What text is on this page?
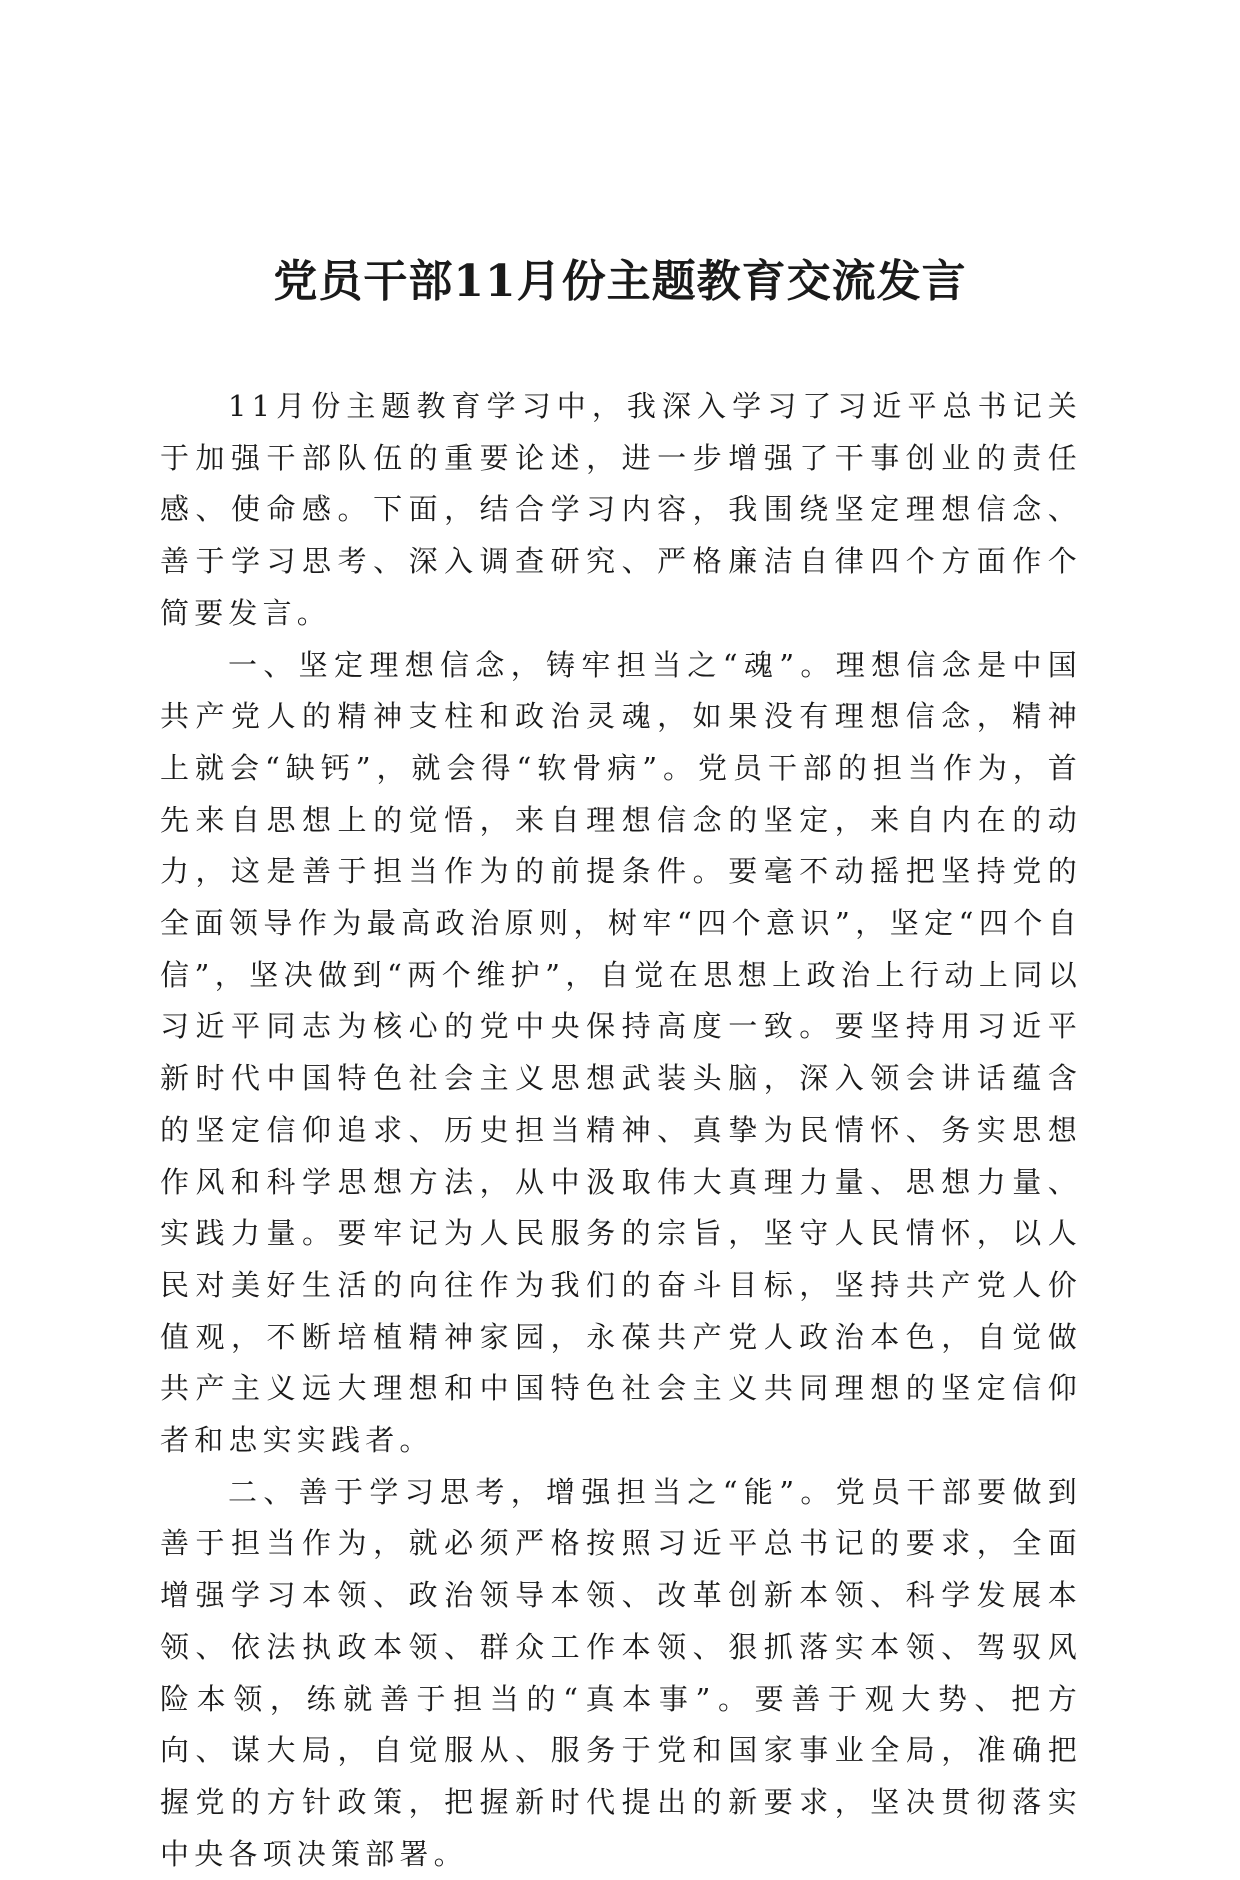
党员干部11月份主题教育交流发言

11月份主题教育学习中，我深入学习了习近平总书记关于加强干部队伍的重要论述，进一步增强了干事创业的责任感、使命感。下面，结合学习内容，我围绕坚定理想信念、善于学习思考、深入调查研究、严格廉洁自律四个方面作个简要发言。

一、坚定理想信念，铸牢担当之“魂”。理想信念是中国共产党人的精神支柱和政治灵魂，如果没有理想信念，精神上就会“缺钙”，就会得“软骨病”。党员干部的担当作为，首先来自思想上的觉悟，来自理想信念的坚定，来自内在的动力，这是善于担当作为的前提条件。要毫不动摇把坚持党的全面领导作为最高政治原则，树牢“四个意识”，坚定“四个自信”，坚决做到“两个维护”，自觉在思想上政治上行动上同以习近平同志为核心的党中央保持高度一致。要坚持用习近平新时代中国特色社会主义思想武装头脑，深入领会讲话蕴含的坚定信仰追求、历史担当精神、真挚为民情怀、务实思想作风和科学思想方法，从中汲取伟大真理力量、思想力量、实践力量。要牢记为人民服务的宗旨，坚守人民情怀，以人民对美好生活的向往作为我们的奋斗目标，坚持共产党人价值观，不断培植精神家园，永葆共产党人政治本色，自觉做共产主义远大理想和中国特色社会主义共同理想的坚定信仰者和忠实实践者。

二、善于学习思考，增强担当之“能”。党员干部要做到善于担当作为，就必须严格按照习近平总书记的要求，全面增强学习本领、政治领导本领、改革创新本领、科学发展本领、依法执政本领、群众工作本领、狠抓落实本领、驾驭风险本领，练就善于担当的“真本事”。要善于观大势、把方向、谋大局，自觉服从、服务于党和国家事业全局，准确把握党的方针政策，把握新时代提出的新要求，坚决贯彻落实中央各项决策部署。
